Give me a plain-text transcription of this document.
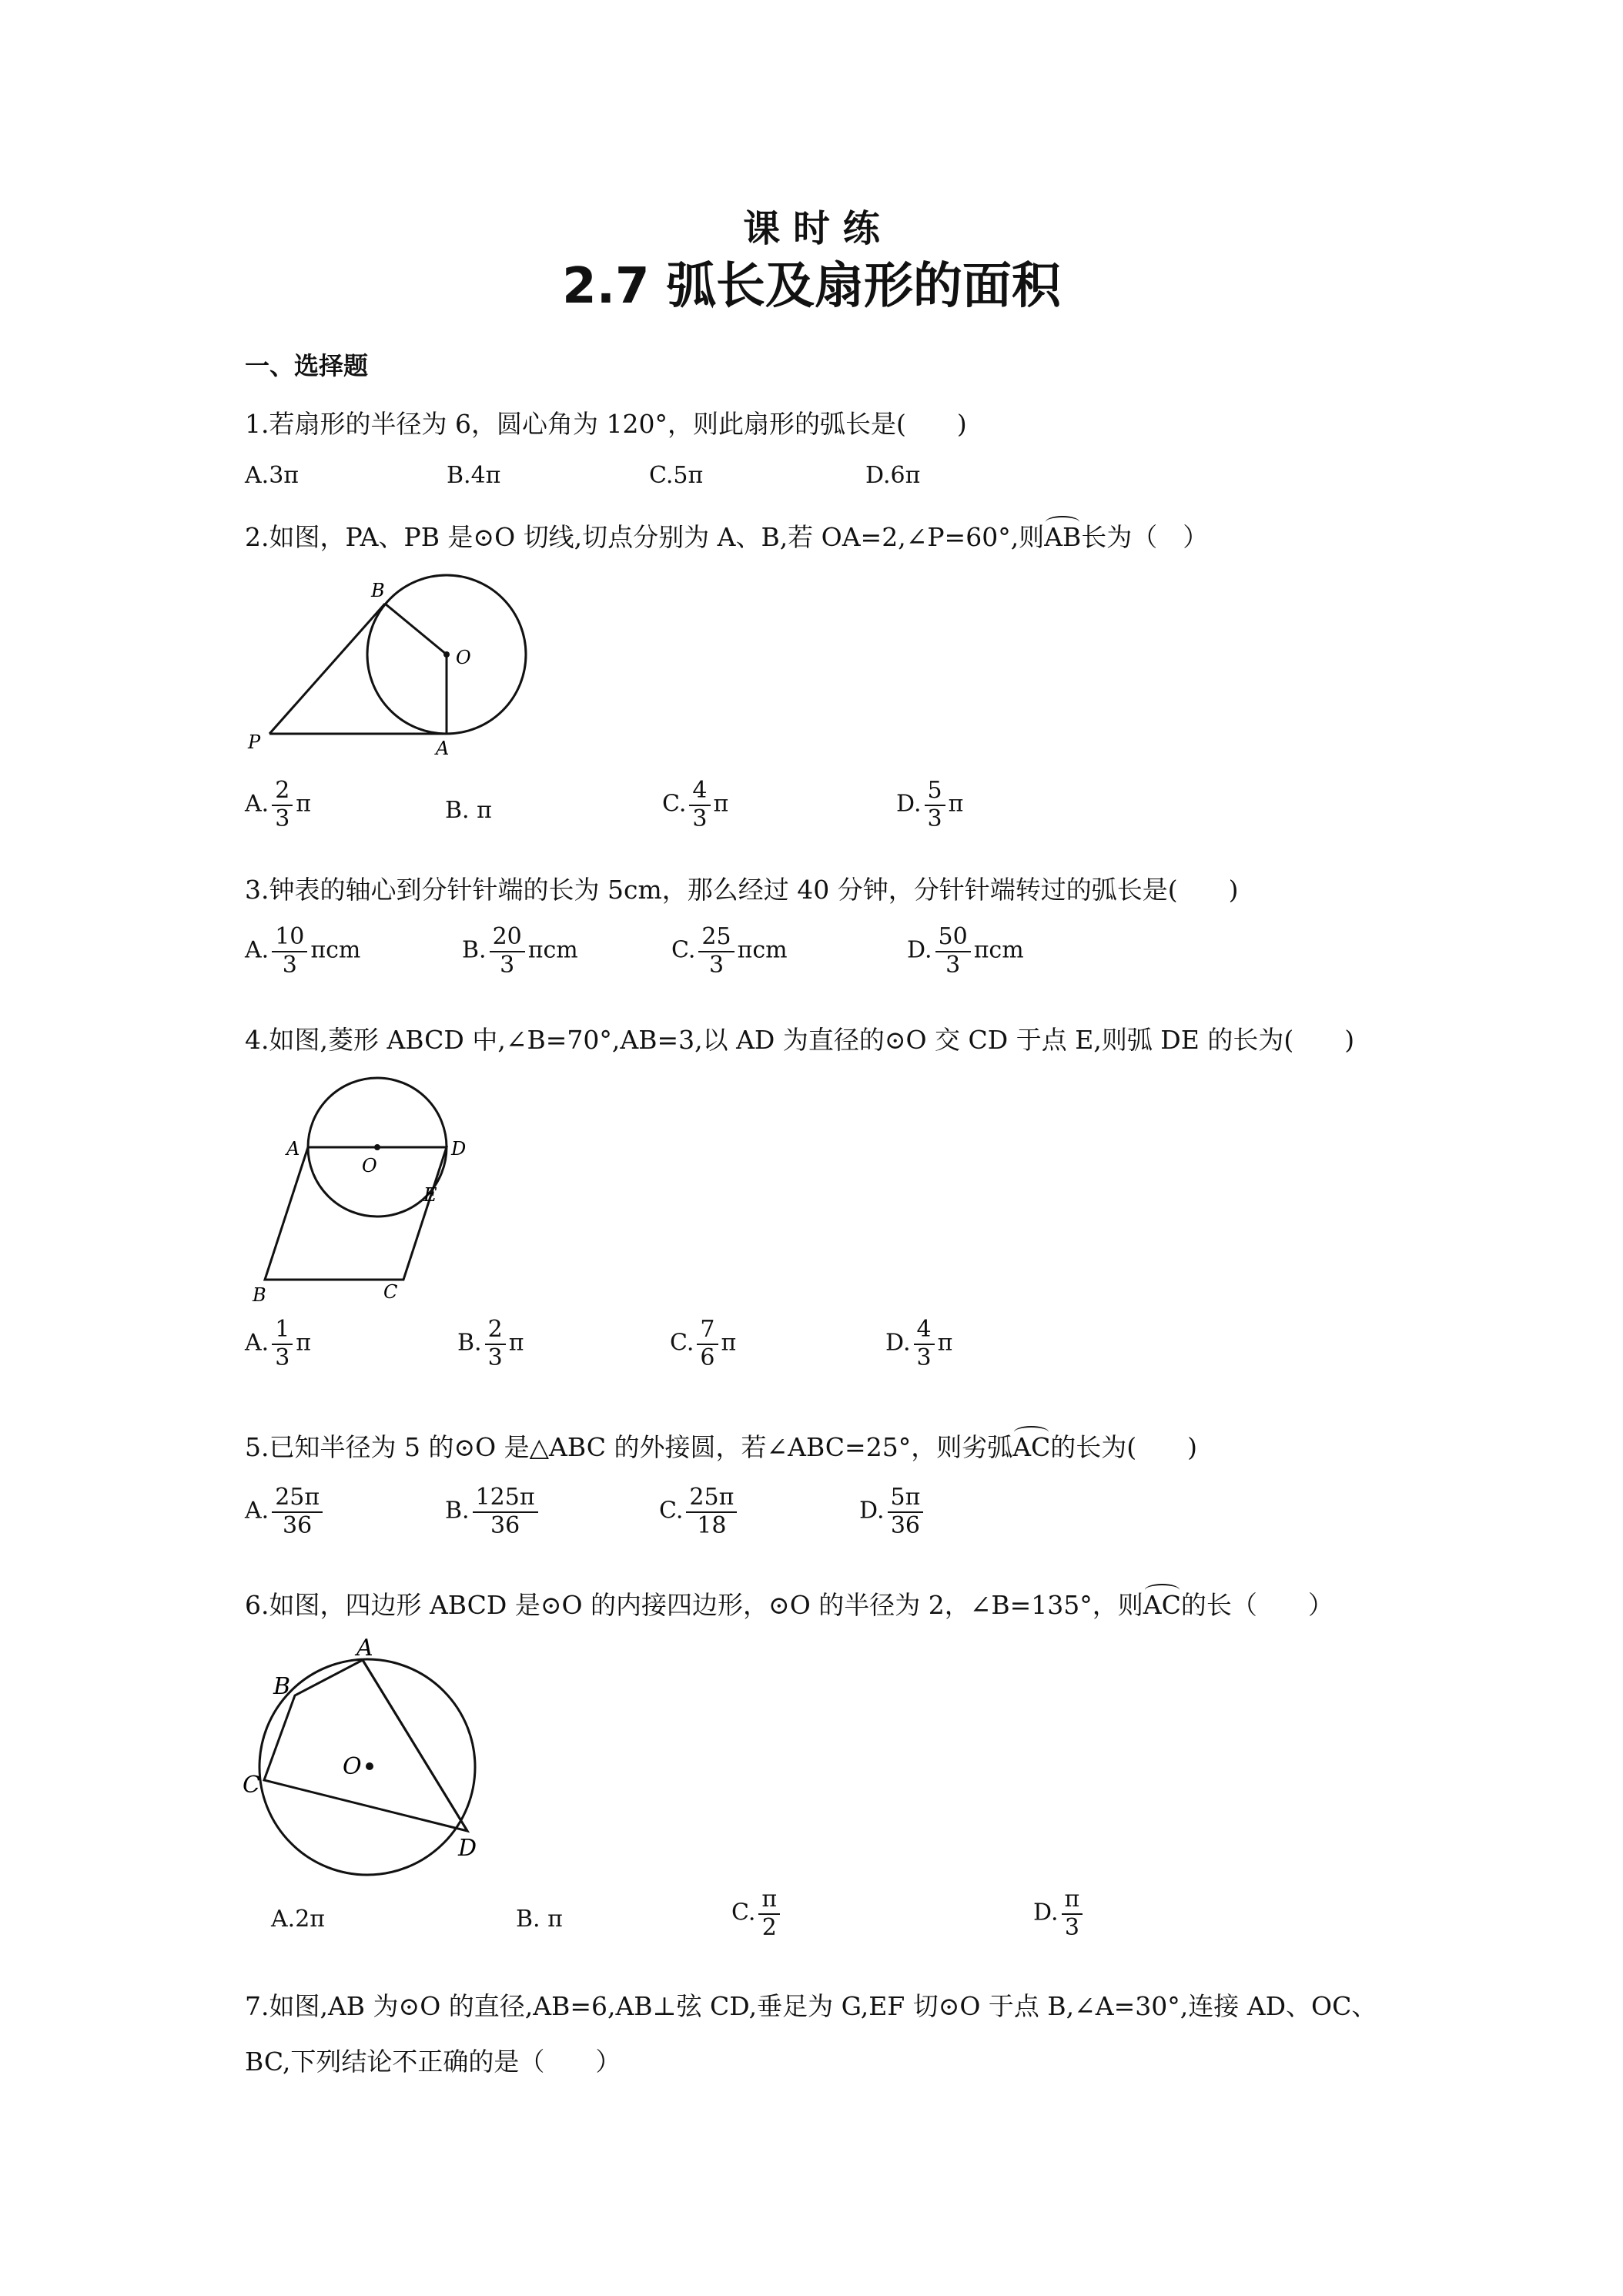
课 时 练
2.7 弧长及扇形的面积
一、选择题
1.若扇形的半径为 6，圆心角为 120°，则此扇形的弧长是(　　)
A.3π	B.4π	C.5π	D.6π
2.如图，PA、PB 是⊙O 切线,切点分别为 A、B,若 OA=2,∠P=60°,则AB长为（　）
B
O
P	A
A. $\frac{2}{3}$ π	B. π	C. $\frac{4}{3}$ π	D. $\frac{5}{3}$ π
3.钟表的轴心到分针针端的长为 5cm，那么经过 40 分钟，分针针端转过的弧长是(　　)
A. $\frac{10}{3}$ πcm	B. $\frac{20}{3}$ πcm	C. $\frac{25}{3}$ πcm	D. $\frac{50}{3}$ πcm
4.如图,菱形 ABCD 中,∠B=70°,AB=3,以 AD 为直径的⊙O 交 CD 于点 E,则弧 DE 的长为(　　)
A
O
D
E
B	C
A. $\frac{1}{3}$ π	B. $\frac{2}{3}$ π	C. $\frac{7}{6}$ π	D. $\frac{4}{3}$ π
5.已知半径为 5 的⊙O 是△ABC 的外接圆，若∠ABC=25°，则劣弧AC的长为(　　)
A. $\frac{25\pi}{36}$	B. $\frac{125\pi}{36}$	C. $\frac{25\pi}{18}$	D. $\frac{5\pi}{36}$
6.如图，四边形 ABCD 是⊙O 的内接四边形，⊙O 的半径为 2，∠B=135°，则AC的长（　　）
A
B
C
O
D
A.2π	B. π	C. $\frac{\pi}{2}$	D. $\frac{\pi}{3}$
7.如图,AB 为⊙O 的直径,AB=6,AB⊥弦 CD,垂足为 G,EF 切⊙O 于点 B,∠A=30°,连接 AD、OC、
BC,下列结论不正确的是（　　）
